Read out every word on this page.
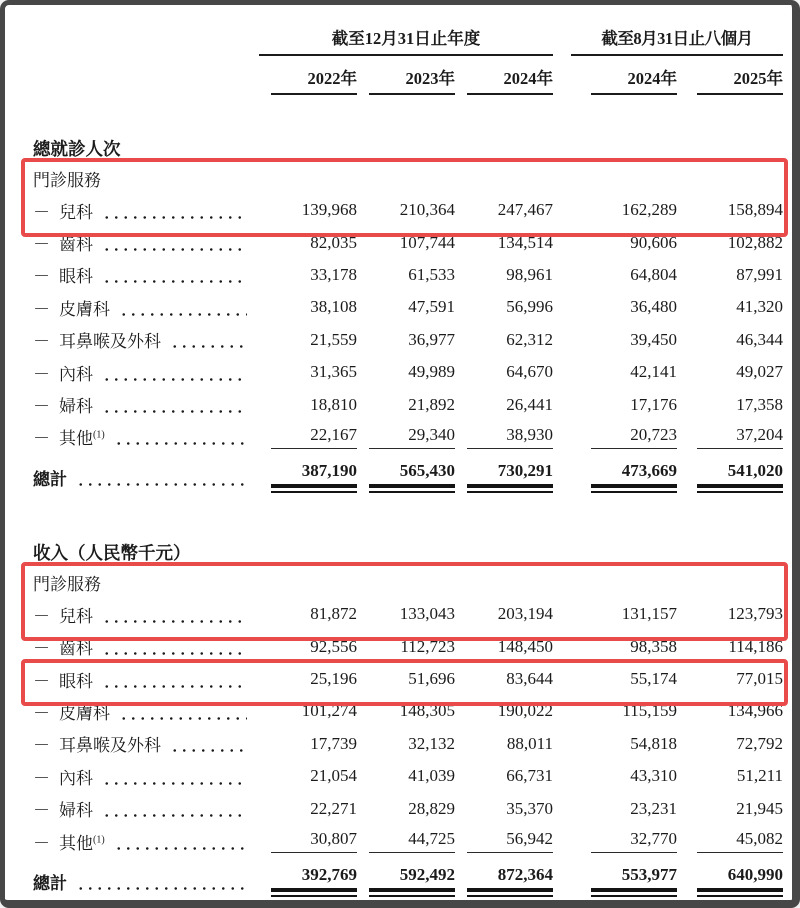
截至12月31日止年度	截至8月31日止八個月
2022年	2023年	2024年	2024年	2025年
總就診人次
門診服務
－ 兒科	139,968	210,364	247,467	162,289	158,894
－ 齒科	82,035	107,744	134,514	90,606	102,882
－ 眼科	33,178	61,533	98,961	64,804	87,991
－ 皮膚科	38,108	47,591	56,996	36,480	41,320
－ 耳鼻喉及外科	21,559	36,977	62,312	39,450	46,344
－ 內科	31,365	49,989	64,670	42,141	49,027
－ 婦科	18,810	21,892	26,441	17,176	17,358
－ 其他$^{(1)}$	22,167	29,340	38,930	20,723	37,204
總計	387,190	565,430	730,291	473,669	541,020
收入（人民幣千元）
門診服務
－ 兒科	81,872	133,043	203,194	131,157	123,793
－ 齒科	92,556	112,723	148,450	98,358	114,186
－ 眼科	25,196	51,696	83,644	55,174	77,015
－ 皮膚科	101,274	148,305	190,022	115,159	134,966
－ 耳鼻喉及外科	17,739	32,132	88,011	54,818	72,792
－ 內科	21,054	41,039	66,731	43,310	51,211
－ 婦科	22,271	28,829	35,370	23,231	21,945
－ 其他$^{(1)}$	30,807	44,725	56,942	32,770	45,082
總計	392,769	592,492	872,364	553,977	640,990
